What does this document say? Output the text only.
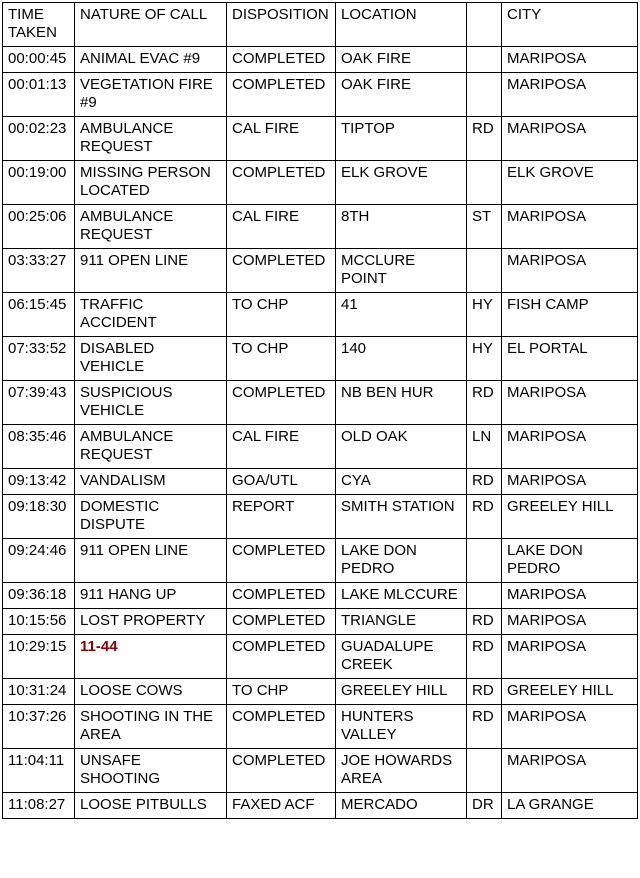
TIME TAKEN	NATURE OF CALL	DISPOSITION	LOCATION		CITY
00:00:45	ANIMAL EVAC #9	COMPLETED	OAK FIRE		MARIPOSA
00:01:13	VEGETATION FIRE #9	COMPLETED	OAK FIRE		MARIPOSA
00:02:23	AMBULANCE REQUEST	CAL FIRE	TIPTOP	RD	MARIPOSA
00:19:00	MISSING PERSON LOCATED	COMPLETED	ELK GROVE		ELK GROVE
00:25:06	AMBULANCE REQUEST	CAL FIRE	8TH	ST	MARIPOSA
03:33:27	911 OPEN LINE	COMPLETED	MCCLURE POINT		MARIPOSA
06:15:45	TRAFFIC ACCIDENT	TO CHP	41	HY	FISH CAMP
07:33:52	DISABLED VEHICLE	TO CHP	140	HY	EL PORTAL
07:39:43	SUSPICIOUS VEHICLE	COMPLETED	NB BEN HUR	RD	MARIPOSA
08:35:46	AMBULANCE REQUEST	CAL FIRE	OLD OAK	LN	MARIPOSA
09:13:42	VANDALISM	GOA/UTL	CYA	RD	MARIPOSA
09:18:30	DOMESTIC DISPUTE	REPORT	SMITH STATION	RD	GREELEY HILL
09:24:46	911 OPEN LINE	COMPLETED	LAKE DON PEDRO		LAKE DON PEDRO
09:36:18	911 HANG UP	COMPLETED	LAKE MLCCURE		MARIPOSA
10:15:56	LOST PROPERTY	COMPLETED	TRIANGLE	RD	MARIPOSA
10:29:15	11-44	COMPLETED	GUADALUPE CREEK	RD	MARIPOSA
10:31:24	LOOSE COWS	TO CHP	GREELEY HILL	RD	GREELEY HILL
10:37:26	SHOOTING IN THE AREA	COMPLETED	HUNTERS VALLEY	RD	MARIPOSA
11:04:11	UNSAFE SHOOTING	COMPLETED	JOE HOWARDS AREA		MARIPOSA
11:08:27	LOOSE PITBULLS	FAXED ACF	MERCADO	DR	LA GRANGE
